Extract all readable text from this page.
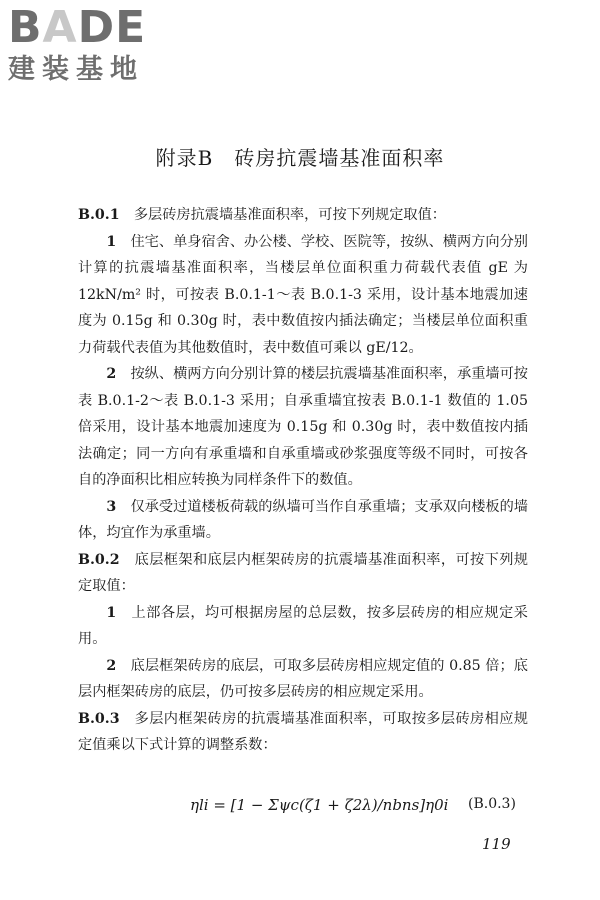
BADE
建装基地
附录B　砖房抗震墙基准面积率

B.0.1　 多层砖房抗震墙基准面积率，可按下列规定取值：

1　 住宅、单身宿舍、办公楼、学校、医院等，按纵、横两方向分别计算的抗震墙基准面积率，当楼层单位面积重力荷载代表值 gE 为 12kN/m² 时，可按表 B.0.1-1～表 B.0.1-3 采用，设计基本地震加速度为 0.15g 和 0.30g 时，表中数值按内插法确定；当楼层单位面积重力荷载代表值为其他数值时，表中数值可乘以 gE/12。

2　 按纵、横两方向分别计算的楼层抗震墙基准面积率，承重墙可按表 B.0.1-2～表 B.0.1-3 采用；自承重墙宜按表 B.0.1-1 数值的 1.05 倍采用，设计基本地震加速度为 0.15g 和 0.30g 时，表中数值按内插法确定；同一方向有承重墙和自承重墙或砂浆强度等级不同时，可按各自的净面积比相应转换为同样条件下的数值。

3　 仅承受过道楼板荷载的纵墙可当作自承重墙；支承双向楼板的墙体，均宜作为承重墙。

B.0.2　 底层框架和底层内框架砖房的抗震墙基准面积率，可按下列规定取值：

1　 上部各层，均可根据房屋的总层数，按多层砖房的相应规定采用。

2　 底层框架砖房的底层，可取多层砖房相应规定值的 0.85 倍；底层内框架砖房的底层，仍可按多层砖房的相应规定采用。

B.0.3　 多层内框架砖房的抗震墙基准面积率，可取按多层砖房相应规定值乘以下式计算的调整系数：

ηli = [1 − Σψc(ζ1 + ζ2λ)/nbns]η0i (B.0.3)
119
